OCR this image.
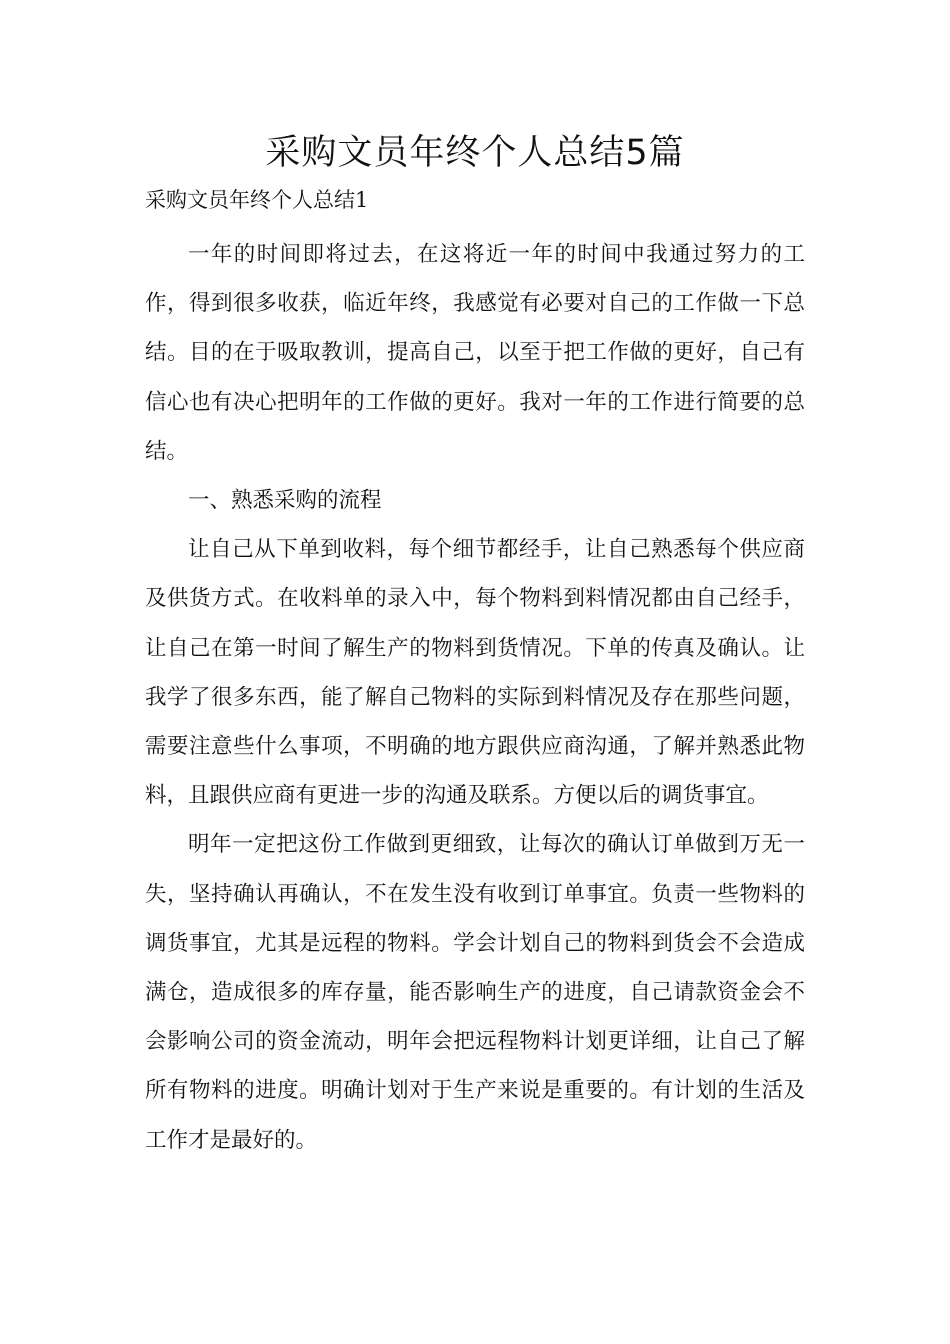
采购文员年终个人总结5篇
采购文员年终个人总结1

一年的时间即将过去，在这将近一年的时间中我通过努力的工作，得到很多收获，临近年终，我感觉有必要对自己的工作做一下总结。目的在于吸取教训，提高自己，以至于把工作做的更好，自己有信心也有决心把明年的工作做的更好。我对一年的工作进行简要的总结。

一、熟悉采购的流程

让自己从下单到收料，每个细节都经手，让自己熟悉每个供应商及供货方式。在收料单的录入中，每个物料到料情况都由自己经手，让自己在第一时间了解生产的物料到货情况。下单的传真及确认。让我学了很多东西，能了解自己物料的实际到料情况及存在那些问题，需要注意些什么事项，不明确的地方跟供应商沟通，了解并熟悉此物料，且跟供应商有更进一步的沟通及联系。方便以后的调货事宜。

明年一定把这份工作做到更细致，让每次的确认订单做到万无一失，坚持确认再确认，不在发生没有收到订单事宜。负责一些物料的调货事宜，尤其是远程的物料。学会计划自己的物料到货会不会造成满仓，造成很多的库存量，能否影响生产的进度，自己请款资金会不会影响公司的资金流动，明年会把远程物料计划更详细，让自己了解所有物料的进度。明确计划对于生产来说是重要的。有计划的生活及工作才是最好的。
